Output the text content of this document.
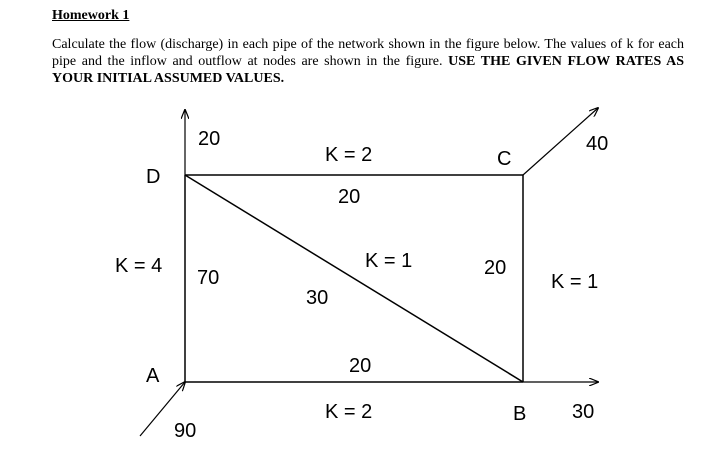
Homework 1

Calculate the flow (discharge) in each pipe of the network shown in the figure below. The values of k for each pipe and the inflow and outflow at nodes are shown in the figure. USE THE GIVEN FLOW RATES AS YOUR INITIAL ASSUMED VALUES.

D
C
A
B
20	40
90
30
K = 2
K = 1
K = 4
K = 1
K = 2
20
30
70	20
20
